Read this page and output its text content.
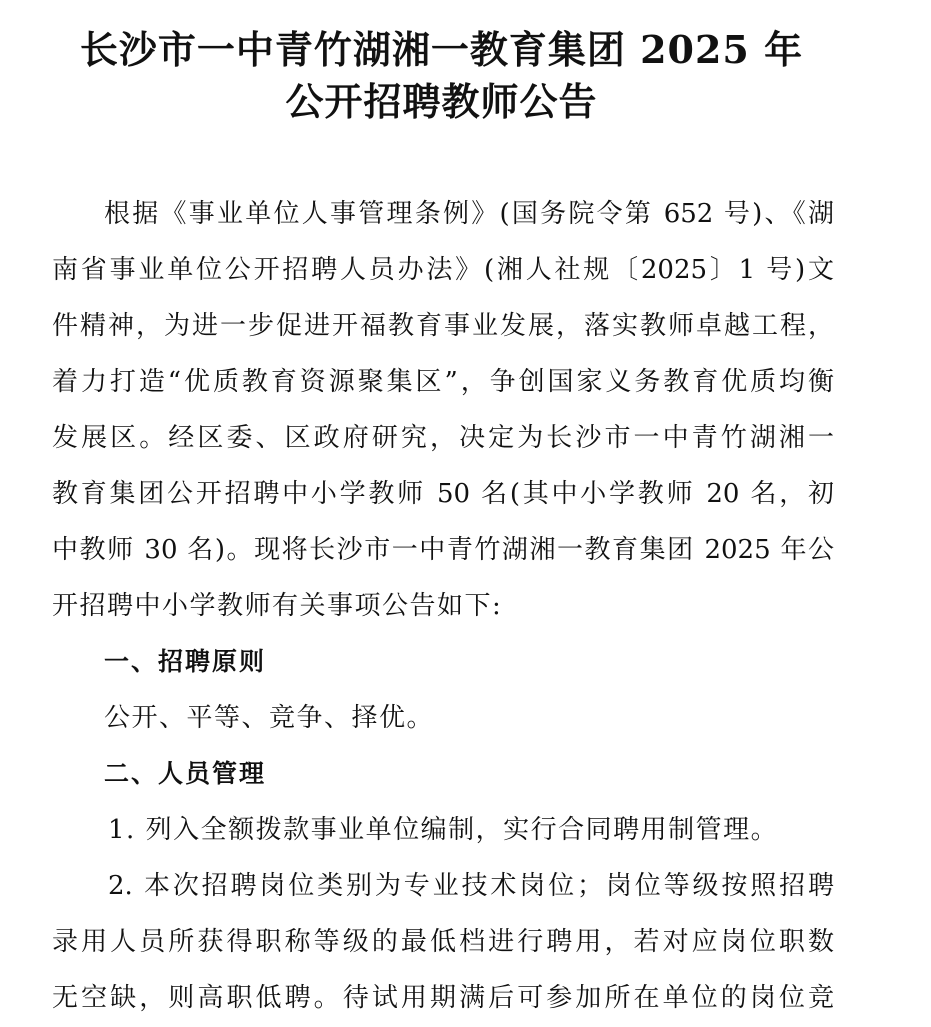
长沙市一中青竹湖湘一教育集团 2025 年
公开招聘教师公告
根据《事业单位人事管理条例》(国务院令第 652 号)、《湖
南省事业单位公开招聘人员办法》(湘人社规〔2025〕1 号)文
件精神，为进一步促进开福教育事业发展，落实教师卓越工程，
着力打造“优质教育资源聚集区”，争创国家义务教育优质均衡
发展区。经区委、区政府研究，决定为长沙市一中青竹湖湘一
教育集团公开招聘中小学教师 50 名(其中小学教师 20 名，初
中教师 30 名)。现将长沙市一中青竹湖湘一教育集团 2025 年公
开招聘中小学教师有关事项公告如下:
一、招聘原则
公开、平等、竞争、择优。
二、人员管理
1. 列入全额拨款事业单位编制，实行合同聘用制管理。
2. 本次招聘岗位类别为专业技术岗位；岗位等级按照招聘
录用人员所获得职称等级的最低档进行聘用，若对应岗位职数
无空缺，则高职低聘。待试用期满后可参加所在单位的岗位竞
